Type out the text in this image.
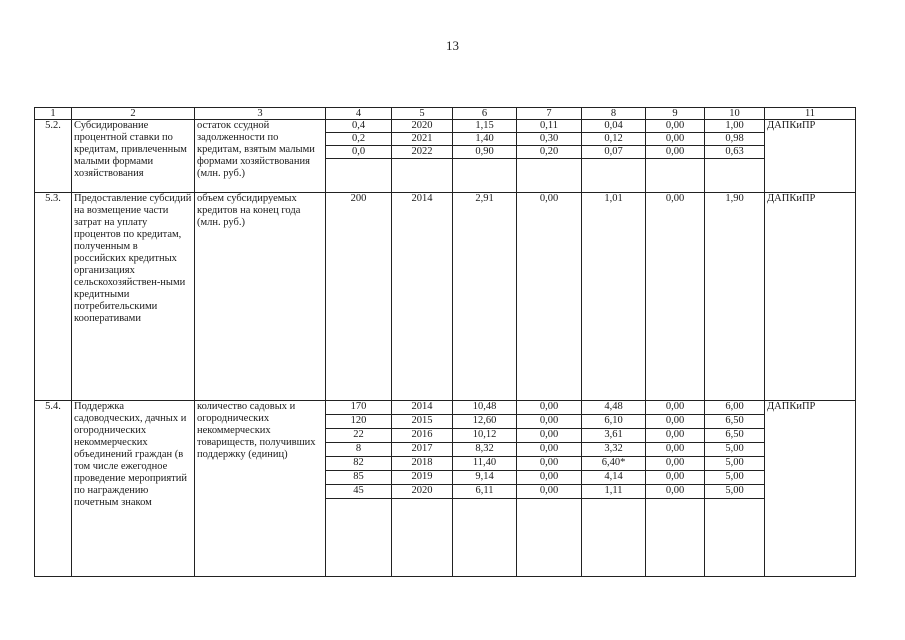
13
1	2	3	4	5	6	7	8	9	10	11
5.2.	Субсидирование процентной ставки по кредитам, привлеченным малыми формами хозяйствования	остаток ссудной задолженности по кредитам, взятым малыми формами хозяйствования (млн. руб.)	0,4	2020	1,15	0,11	0,04	0,00	1,00	ДАПКиПР
			0,2	2021	1,40	0,30	0,12	0,00	0,98	
			0,0	2022	0,90	0,20	0,07	0,00	0,63	

5.3.	Предоставление субсидий на возмещение части затрат на уплату процентов по кредитам, полученным в российских кредитных организациях сельскохозяйствен-ными кредитными потребительскими кооперативами	объем субсидируемых кредитов на конец года (млн. руб.)	200	2014	2,91	0,00	1,01	0,00	1,90	ДАПКиПР
5.4.	Поддержка садоводческих, дачных и огороднических некоммерческих объединений граждан (в том числе ежегодное проведение мероприятий по награждению почетным знаком	количество садовых и огороднических некоммерческих товариществ, получивших поддержку (единиц)	170	2014	10,48	0,00	4,48	0,00	6,00	ДАПКиПР
			120	2015	12,60	0,00	6,10	0,00	6,50	
			22	2016	10,12	0,00	3,61	0,00	6,50	
			8	2017	8,32	0,00	3,32	0,00	5,00	
			82	2018	11,40	0,00	6,40*	0,00	5,00	
			85	2019	9,14	0,00	4,14	0,00	5,00	
			45	2020	6,11	0,00	1,11	0,00	5,00	
